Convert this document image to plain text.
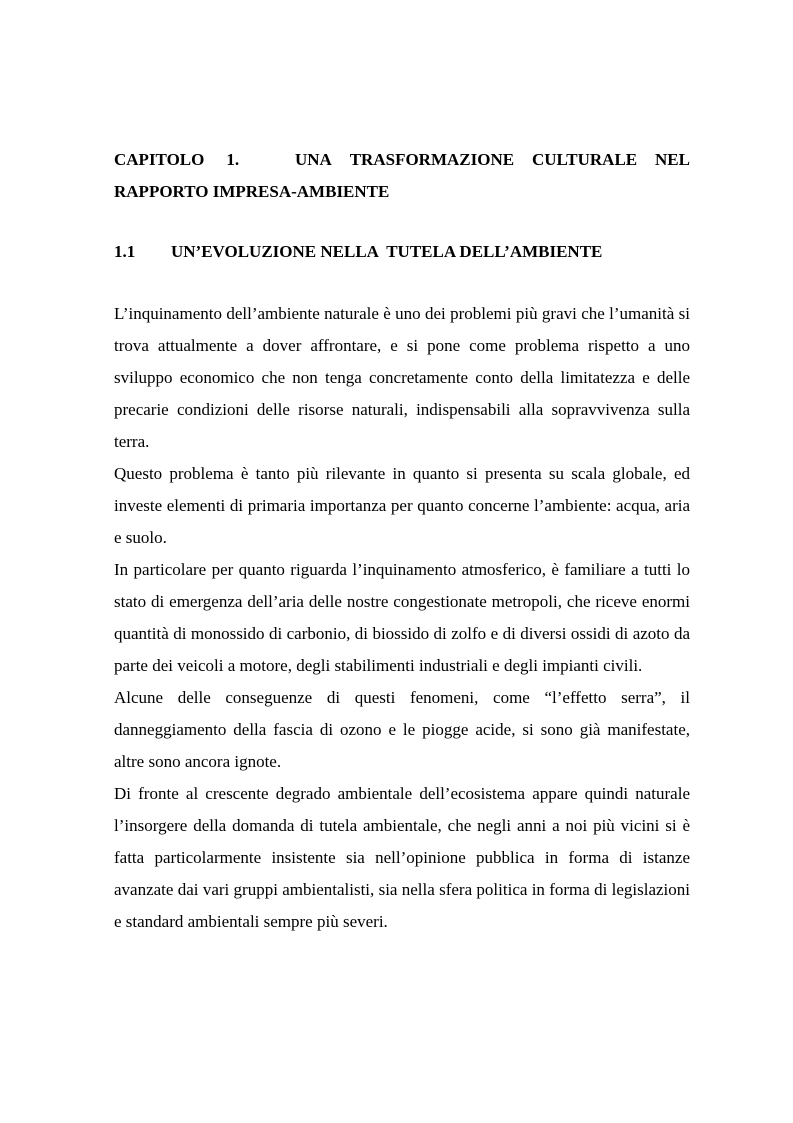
CAPITOLO 1.	UNA TRASFORMAZIONE CULTURALE NEL
RAPPORTO IMPRESA-AMBIENTE
1.1 UN’EVOLUZIONE NELLA  TUTELA DELL’AMBIENTE

L’inquinamento dell’ambiente naturale è uno dei problemi più gravi che l’umanità si trova attualmente a dover affrontare, e si pone come problema rispetto a uno sviluppo economico che non tenga concretamente conto della limitatezza e delle precarie condizioni delle risorse naturali, indispensabili alla sopravvivenza sulla terra.

Questo problema è tanto più rilevante in quanto si presenta su scala globale, ed investe elementi di primaria importanza per quanto concerne l’ambiente: acqua, aria e suolo.

In particolare per quanto riguarda l’inquinamento atmosferico, è familiare a tutti lo stato di emergenza dell’aria delle nostre congestionate metropoli, che riceve enormi quantità di monossido di carbonio, di biossido di zolfo e di diversi ossidi di azoto da parte dei veicoli a motore, degli stabilimenti industriali e degli impianti civili.

Alcune delle conseguenze di questi fenomeni, come “l’effetto serra”, il danneggiamento della fascia di ozono e le piogge acide, si sono già manifestate, altre sono ancora ignote.

Di fronte al crescente degrado ambientale dell’ecosistema appare quindi naturale l’insorgere della domanda di tutela ambientale, che negli anni a noi più vicini si è fatta particolarmente insistente sia nell’opinione pubblica in forma di istanze avanzate dai vari gruppi ambientalisti, sia nella sfera politica in forma di legislazioni e standard ambientali sempre più severi.
